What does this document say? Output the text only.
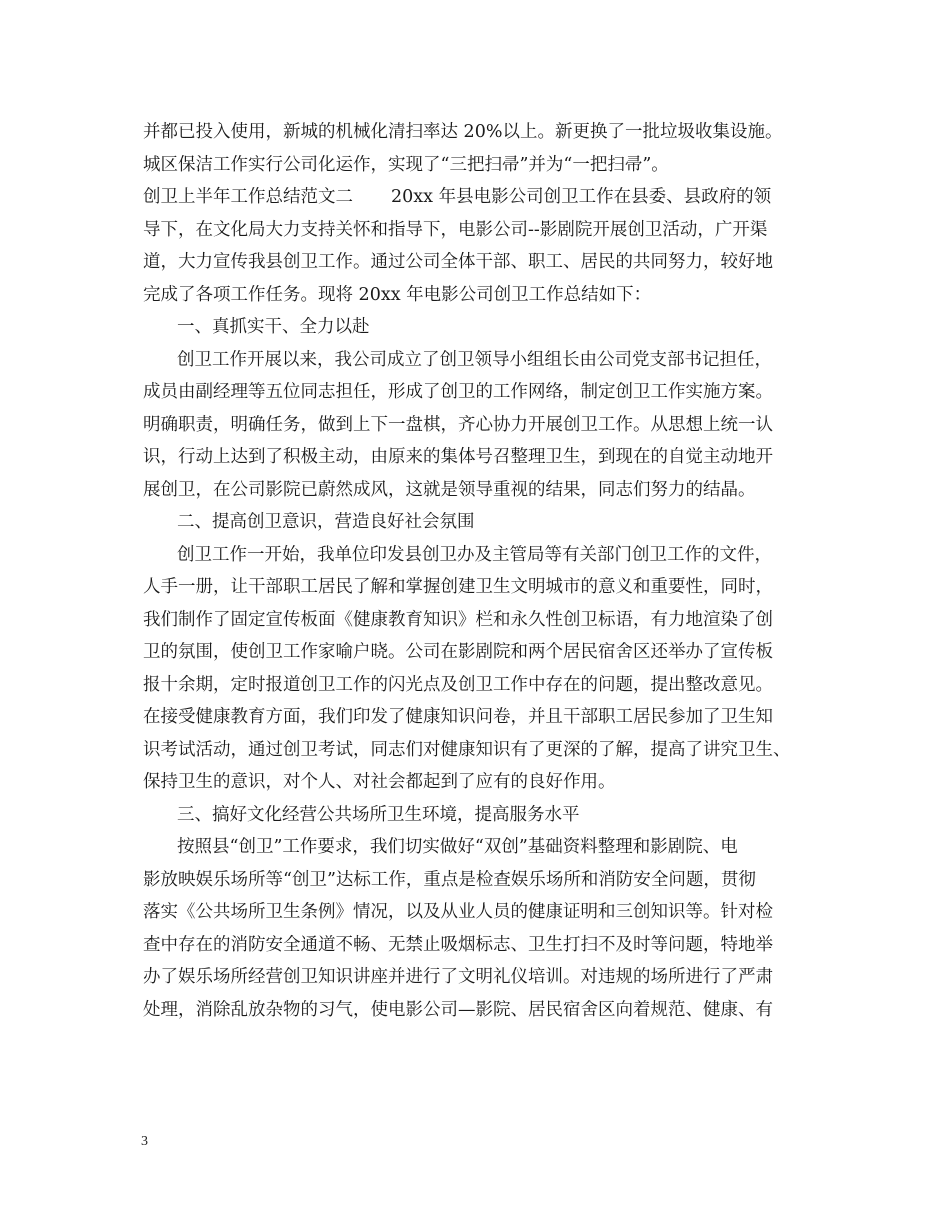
并都已投入使用，新城的机械化清扫率达 20%以上。新更换了一批垃圾收集设施。
城区保洁工作实行公司化运作，实现了“三把扫帚”并为“一把扫帚”。
创卫上半年工作总结范文二 20xx 年县电影公司创卫工作在县委、县政府的领
导下，在文化局大力支持关怀和指导下，电影公司--影剧院开展创卫活动，广开渠
道，大力宣传我县创卫工作。通过公司全体干部、职工、居民的共同努力，较好地
完成了各项工作任务。现将 20xx 年电影公司创卫工作总结如下：
一、真抓实干、全力以赴
创卫工作开展以来，我公司成立了创卫领导小组组长由公司党支部书记担任，
成员由副经理等五位同志担任，形成了创卫的工作网络，制定创卫工作实施方案。
明确职责，明确任务，做到上下一盘棋，齐心协力开展创卫工作。从思想上统一认
识，行动上达到了积极主动，由原来的集体号召整理卫生，到现在的自觉主动地开
展创卫，在公司影院已蔚然成风，这就是领导重视的结果，同志们努力的结晶。
二、提高创卫意识，营造良好社会氛围
创卫工作一开始，我单位印发县创卫办及主管局等有关部门创卫工作的文件，
人手一册，让干部职工居民了解和掌握创建卫生文明城市的意义和重要性，同时，
我们制作了固定宣传板面《健康教育知识》栏和永久性创卫标语，有力地渲染了创
卫的氛围，使创卫工作家喻户晓。公司在影剧院和两个居民宿舍区还举办了宣传板
报十余期，定时报道创卫工作的闪光点及创卫工作中存在的问题，提出整改意见。
在接受健康教育方面，我们印发了健康知识问卷，并且干部职工居民参加了卫生知
识考试活动，通过创卫考试，同志们对健康知识有了更深的了解，提高了讲究卫生、
保持卫生的意识，对个人、对社会都起到了应有的良好作用。
三、搞好文化经营公共场所卫生环境，提高服务水平
按照县“创卫”工作要求，我们切实做好“双创”基础资料整理和影剧院、电
影放映娱乐场所等“创卫”达标工作，重点是检查娱乐场所和消防安全问题，贯彻
落实《公共场所卫生条例》情况，以及从业人员的健康证明和三创知识等。针对检
查中存在的消防安全通道不畅、无禁止吸烟标志、卫生打扫不及时等问题，特地举
办了娱乐场所经营创卫知识讲座并进行了文明礼仪培训。对违规的场所进行了严肃
处理，消除乱放杂物的习气，使电影公司—影院、居民宿舍区向着规范、健康、有
3
